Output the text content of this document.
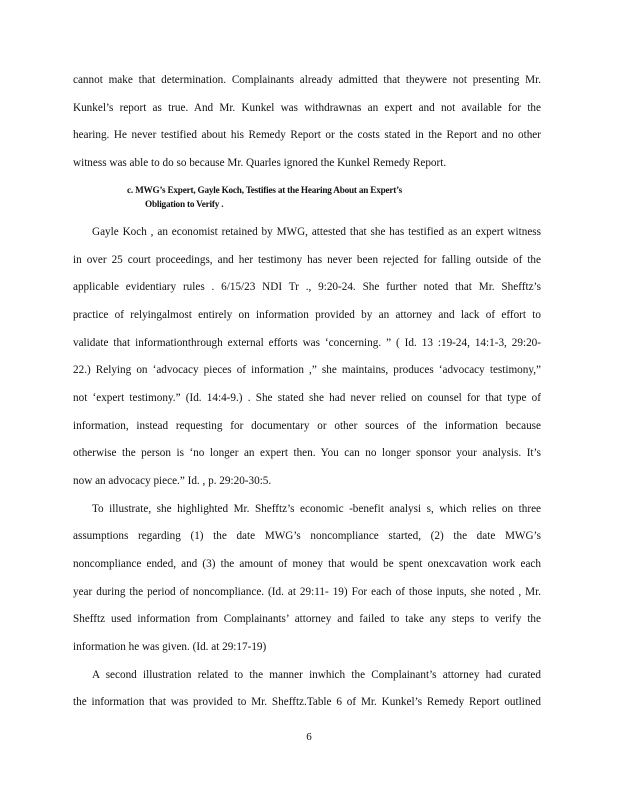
cannot make that determination. Complainants already admitted that theywere not presenting Mr.
Kunkel’s report as true. And Mr. Kunkel was withdrawnas an expert and not available for the
hearing. He never testified about his Remedy Report or the costs stated in the Report and no other
witness was able to do so because Mr. Quarles ignored the Kunkel Remedy Report.
c. MWG’s Expert, Gayle Koch, Testifies at the Hearing About an Expert’s
Obligation to Verify .
Gayle Koch , an economist retained by MWG, attested that she has testified as an expert witness
in over 25 court proceedings, and her testimony has never been rejected for falling outside of the
applicable evidentiary rules . 6/15/23 NDI Tr ., 9:20-24. She further noted that Mr. Shefftz’s
practice of relyingalmost entirely on information provided by an attorney and lack of effort to
validate that informationthrough external efforts was ‘concerning. ” ( Id. 13 :19-24, 14:1-3, 29:20-
22.) Relying on ‘advocacy pieces of information ,” she maintains, produces ‘advocacy testimony,”
not ‘expert testimony.” (Id. 14:4-9.) . She stated she had never relied on counsel for that type of
information, instead requesting for documentary or other sources of the information because
otherwise the person is ‘no longer an expert then. You can no longer sponsor your analysis. It’s
now an advocacy piece.” Id. , p. 29:20-30:5.
To illustrate, she highlighted Mr. Shefftz’s economic -benefit analysi s, which relies on three
assumptions regarding (1) the date MWG’s noncompliance started, (2) the date MWG’s
noncompliance ended, and (3) the amount of money that would be spent onexcavation work each
year during the period of noncompliance. (Id. at 29:11- 19) For each of those inputs, she noted , Mr.
Shefftz used information from Complainants’ attorney and failed to take any steps to verify the
information he was given. (Id. at 29:17-19)
A second illustration related to the manner inwhich the Complainant’s attorney had curated
the information that was provided to Mr. Shefftz.Table 6 of Mr. Kunkel’s Remedy Report outlined
6
